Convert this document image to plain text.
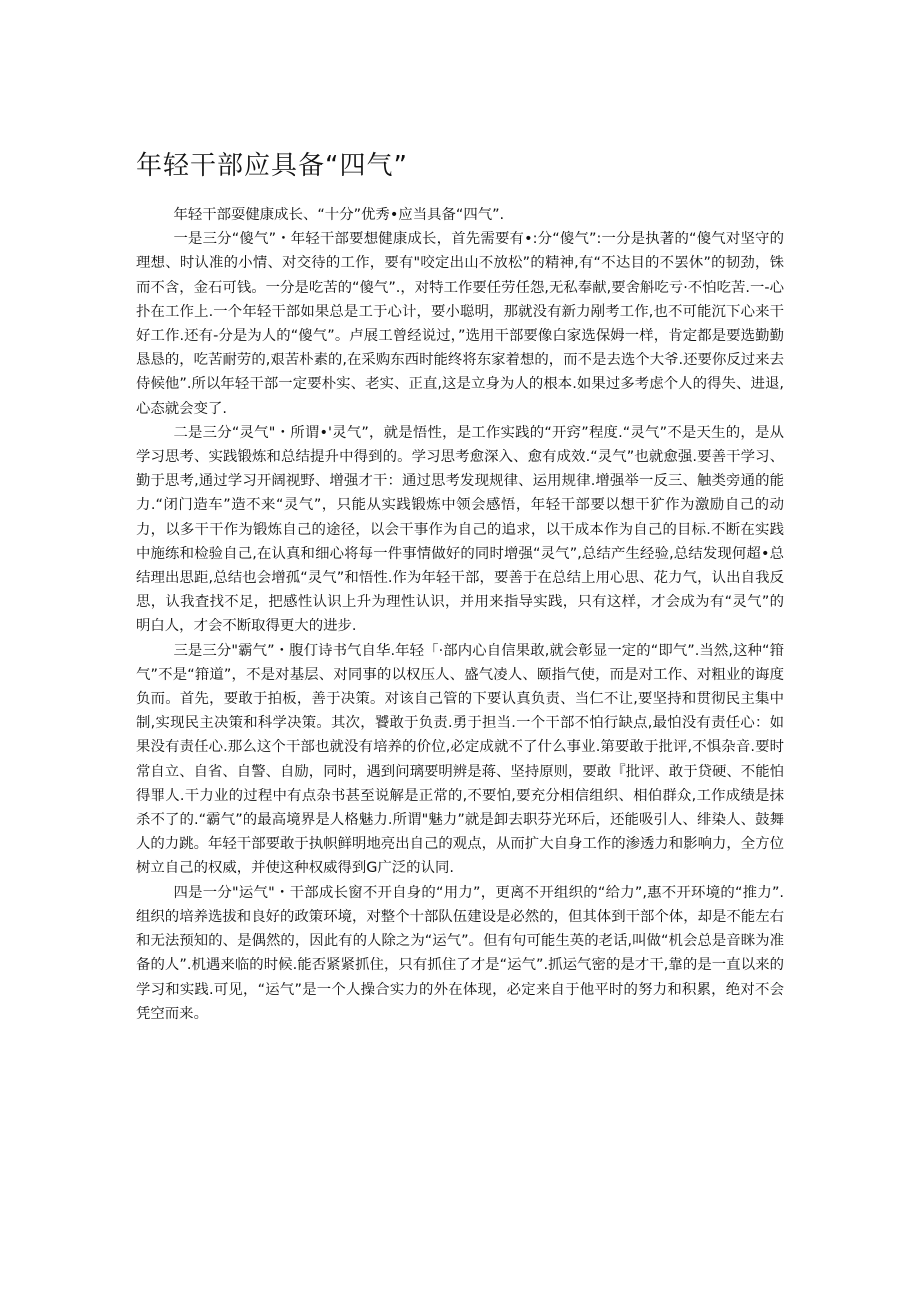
年轻干部应具备“四气”

年轻干部耍健康成长、“十分”优秀•应当具备“四气”.

一是三分“傻气”・年轻干部要想健康成长，首先需要有•:分“傻气”:一分是执著的“傻气对坚守的理想、时认准的小情、对交待的工作，要有"咬定出山不放松”的精神,有“不达目的不罢休”的韧劲，铢而不含，金石可钱。一分是吃苦的“傻气”.，对特工作要任劳任怨,无私奉献,要舍斛吃亏·不怕吃苦.一-心扑在工作上.一个年轻干部如果总是工于心计，要小聪明，那就没有新力剐考工作,也不可能沉下心来干好工作.还有-分是为人的“傻气”。卢展工曾经说过，”选用干部要像白家选保姆一样，肯定都是要选勤勤恳恳的，吃苦耐劳的,艰苦朴素的,在采购东西时能终将东家着想的，而不是去选个大爷.还要你反过来去侍候他”.所以年轻干部一定要朴实、老实、正直,这是立身为人的根本.如果过多考虑个人的得失、进退,心态就会变了.

二是三分“灵气"・所谓•'灵气”，就是悟性，是工作实践的“开窍”程度.“灵气”不是天生的，是从学习思考、实践锻炼和总结提升中得到的。学习思考愈深入、愈有成效.“灵气”也就愈强.要善干学习、勤于思考,通过学习开阔视野、增强才干：通过思考发现规律、运用规律.增强举一反三、触类旁通的能力.“闭门造车”造不来“灵气”，只能从实践锻炼中领会感悟，年轻干部要以想干犷作为激励自己的动力，以多干干作为锻炼自己的途径，以会干事作为自己的追求，以干成本作为自己的目标.不断在实践中施练和检验自己,在认真和细心将每一件事情做好的同时增强“灵气”,总结产生经验,总结发现何超•总结理出思距,总结也会增孤“灵气”和悟性.作为年轻干部，要善于在总结上用心思、花力气，认出自我反思，认我査找不足，把感性认识上升为理性认识，并用来指导实践，只有这样，才会成为有“灵气”的明白人，才会不断取得更大的进步.

三是三分"霸气”・腹仃诗书气自华.年轻「·部内心自信果敢,就会彰显一定的“即气”.当然,这种“箝气”不是“箝道”，不是对基层、对同事的以权压人、盛气凌人、颐指气使，而是对工作、对粗业的诲度负而。首先，要敢于拍板，善于决策。对该自己管的下要认真负责、当仁不让,要坚持和贯彻民主集中制,实现民主决策和科学决策。其次，饕敢于负责.勇于担当.一个干部不怕行缺点,最怕没有责任心：如果没有责任心.那么这个干部也就没有培养的价位,必定成就不了什么事业.第要敢于批评,不惧杂音.要时常自立、自省、自警、自励，同时，遇到问璃要明辨是蒋、坚持原则，要敢『批评、敢于贷硬、不能怕得罪人.干力业的过程中有点杂书甚至说解是正常的,不要怕,要充分相信组织、相伯群众,工作成绩是抹杀不了的.“霸气”的最高境界是人格魅力.所谓"魅力”就是卸去职芬光环后，还能吸引人、绯染人、鼓舞人的力跳。年轻干部要敢于执帜鲜明地亮出自己的观点，从而扩大自身工作的渗透力和影响力，全方位树立自己的权威，并使这种权威得到G广泛的认同.

四是一分"运气"・干部成长窗不开自身的“用力”，更离不开组织的“给力”,惠不开环境的“推力”.组织的培养选拔和良好的政策环境，对整个十部队伍建设是必然的，但其体到干部个体，却是不能左右和无法预知的、是偶然的，因此有的人除之为“运气”。但有句可能生英的老话,叫做“机会总是音眯为准备的人”.机遇来临的时候.能否紧紧抓住，只有抓住了才是“运气”.抓运气密的是才干,靠的是一直以来的学习和实践.可见，“运气”是一个人操合实力的外在体现，必定来自于他平时的努力和积累，绝对不会凭空而来。
